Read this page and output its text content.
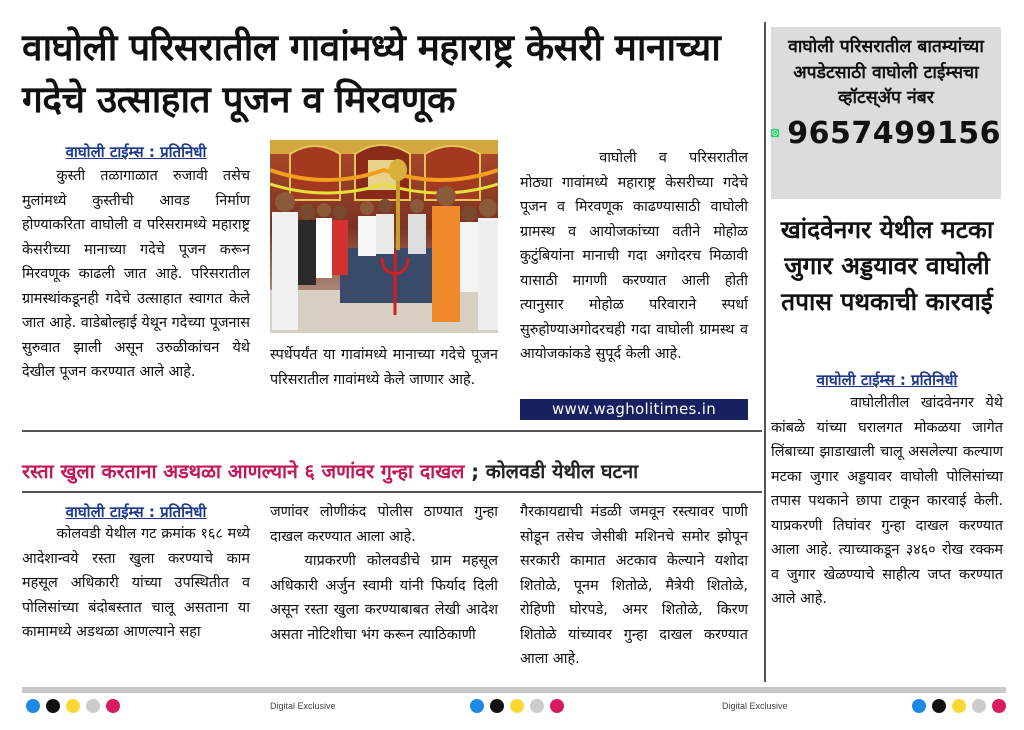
वाघोली परिसरातील गावांमध्ये महाराष्ट्र केसरी मानाच्या गदेचे उत्साहात पूजन व मिरवणूक
वाघोली टाईम्स : प्रतिनिधी
कुस्ती तळागाळात रुजावी तसेच मुलांमध्ये कुस्तीची आवड निर्माण होण्याकरिता वाघोली व परिसरामध्ये महाराष्ट्र केसरीच्या मानाच्या गदेचे पूजन करून मिरवणूक काढली जात आहे. परिसरातील ग्रामस्थांकडूनही गदेचे उत्साहात स्वागत केले जात आहे. वाडेबोल्हाई येथून गदेच्या पूजनास सुरुवात झाली असून उरुळीकांचन येथे देखील पूजन करण्यात आले आहे.
स्पर्धेपर्यंत या गावांमध्ये मानाच्या गदेचे पूजन परिसरातील गावांमध्ये केले जाणार आहे.
वाघोली व परिसरातील मोठ्या गावांमध्ये महाराष्ट्र केसरीच्या गदेचे पूजन व मिरवणूक काढण्यासाठी वाघोली ग्रामस्थ व आयोजकांच्या वतीने मोहोळ कुटुंबियांना मानाची गदा अगोदरच मिळावी यासाठी मागणी करण्यात आली होती त्यानुसार मोहोळ परिवाराने स्पर्धा सुरुहोण्याअगोदरचही गदा वाघोली ग्रामस्थ व आयोजकांकडे सुपूर्द केली आहे.
www.wagholitimes.in
रस्ता खुला करताना अडथळा आणल्याने ६ जणांवर गुन्हा दाखल ; कोलवडी येथील घटना
वाघोली टाईम्स : प्रतिनिधी
कोलवडी येथील गट क्रमांक १६८ मध्ये आदेशान्वये रस्ता खुला करण्याचे काम महसूल अधिकारी यांच्या उपस्थितीत व पोलिसांच्या बंदोबस्तात चालू असताना या कामामध्ये अडथळा आणल्याने सहा
जणांवर लोणीकंद पोलीस ठाण्यात गुन्हा दाखल करण्यात आला आहे.
याप्रकरणी कोलवडीचे ग्राम महसूल अधिकारी अर्जुन स्वामी यांनी फिर्याद दिली असून रस्ता खुला करण्याबाबत लेखी आदेश असता नोटिशीचा भंग करून त्याठिकाणी
गैरकायद्याची मंडळी जमवून रस्त्यावर पाणी सोडून तसेच जेसीबी मशिनचे समोर झोपून सरकारी कामात अटकाव केल्याने यशोदा शितोळे, पूनम शितोळे, मैत्रेयी शितोळे, रोहिणी घोरपडे, अमर शितोळे, किरण शितोळे यांच्यावर गुन्हा दाखल करण्यात आला आहे.
वाघोली परिसरातील बातम्यांच्या अपडेटसाठी वाघोली टाईम्सचा व्हॉटस्ॲप नंबर
9657499156
खांदवेनगर येथील मटका जुगार अड्डयावर वाघोली तपास पथकाची कारवाई
वाघोली टाईम्स : प्रतिनिधी
वाघोलीतील खांदवेनगर येथे कांबळे यांच्या घरालगत मोकळया जागेत लिंबाच्या झाडाखाली चालू असलेल्या कल्याण मटका जुगार अड्डयावर वाघोली पोलिसांच्या तपास पथकाने छापा टाकून कारवाई केली. याप्रकरणी तिघांवर गुन्हा दाखल करण्यात आला आहे. त्याच्याकडून ३४६० रोख रक्कम व जुगार खेळण्याचे साहीत्य जप्त करण्यात आले आहे.
Digital Exclusive	Digital Exclusive
